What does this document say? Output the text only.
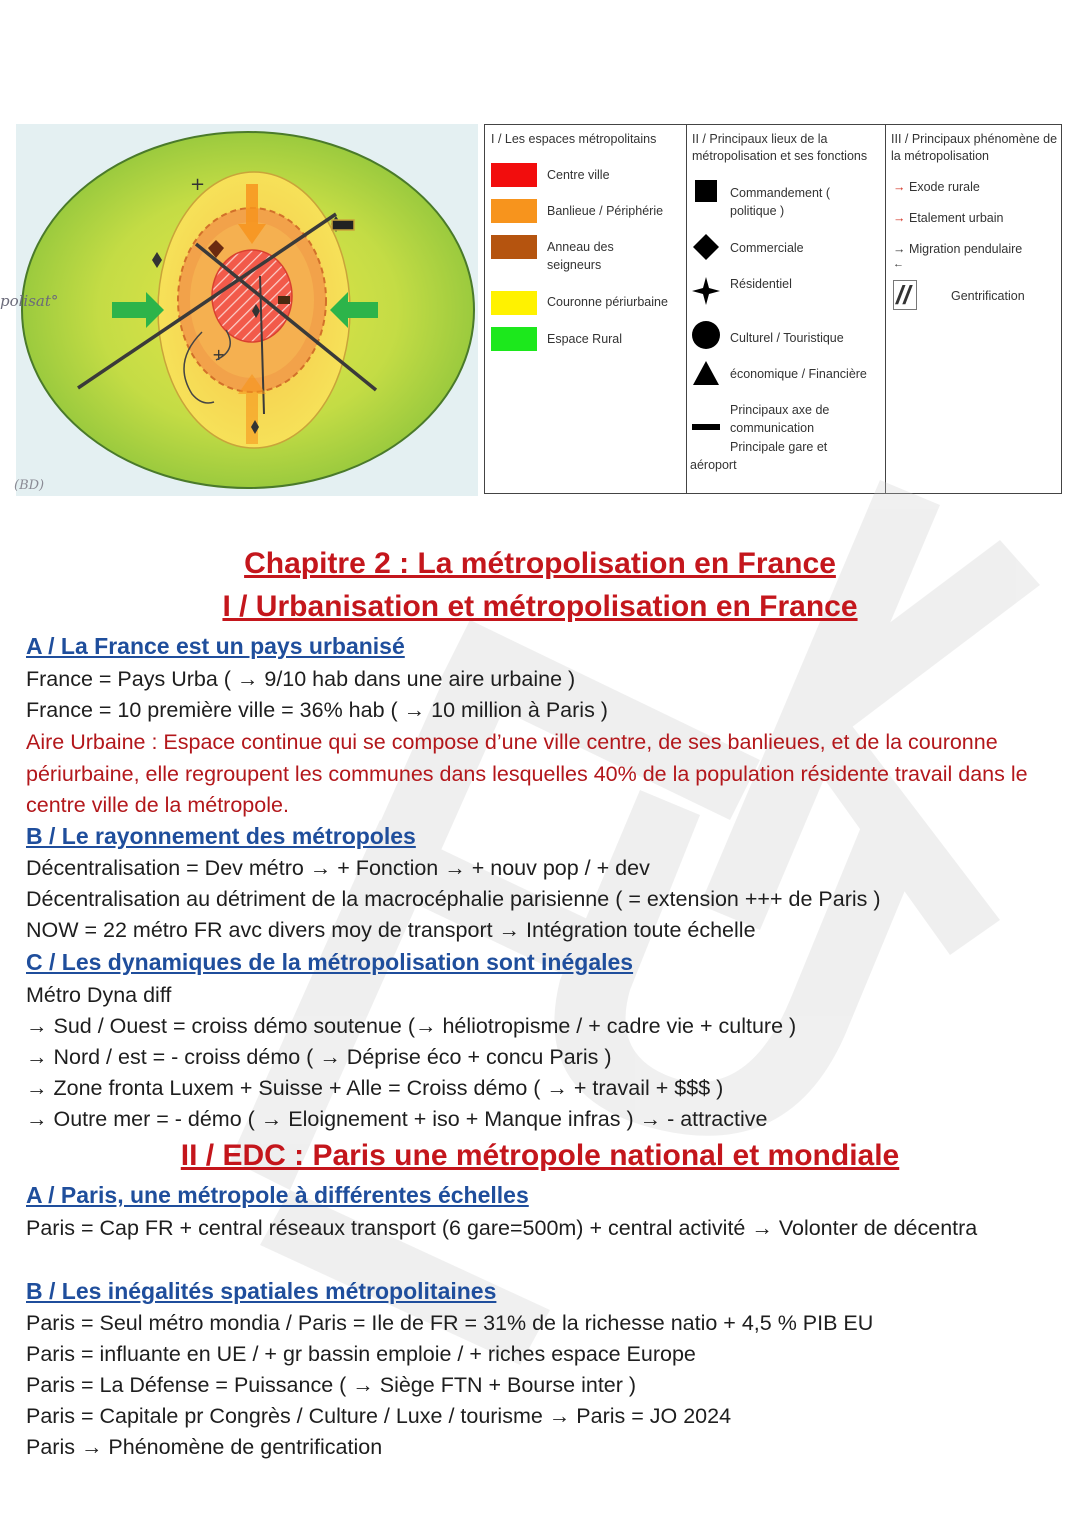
+
+
polisat°
(BD)
I / Les espaces métropolitains
Centre ville
Banlieue / Périphérie
Anneau des seigneurs
Couronne périurbaine
Espace Rural
II / Principaux lieux de la métropolisation et ses fonctions
Commandement ( politique )
Commerciale
Résidentiel
Culturel / Touristique
économique / Financière
Principaux axe de communication
Principale gare et
aéroport
III / Principaux phénomène de la métropolisation
→ Exode rurale
→ Etalement urbain
→ Migration pendulaire
←
//	Gentrification
Chapitre 2 : La métropolisation en France
I / Urbanisation et métropolisation en France
A / La France est un pays urbanisé
France = Pays Urba ( → 9/10 hab dans une aire urbaine )
France = 10 première ville = 36% hab ( → 10 million à Paris )
Aire Urbaine : Espace continue qui se compose d’une ville centre, de ses banlieues, et de la couronne périurbaine, elle regroupent les communes dans lesquelles 40% de la population résidente travail dans le centre ville de la métropole.
B / Le rayonnement des métropoles
Décentralisation = Dev métro → + Fonction → + nouv pop / + dev
Décentralisation au détriment de la macrocéphalie parisienne ( = extension +++ de Paris )
NOW = 22 métro FR avc divers moy de transport → Intégration toute échelle
C / Les dynamiques de la métropolisation sont inégales
Métro Dyna diff
→ Sud / Ouest = croiss démo soutenue (→ héliotropisme / + cadre vie + culture )
→ Nord / est = - croiss démo ( → Déprise éco + concu Paris )
→ Zone fronta Luxem + Suisse + Alle = Croiss démo ( → + travail + $$$ )
→ Outre mer = - démo ( → Eloignement + iso + Manque infras ) → - attractive
II / EDC : Paris une métropole national et mondiale
A / Paris, une métropole à différentes échelles
Paris = Cap FR + central réseaux transport (6 gare=500m) + central activité → Volonter de décentra
B / Les inégalités spatiales métropolitaines
Paris = Seul métro mondia / Paris = Ile de FR = 31% de la richesse natio + 4,5 % PIB EU
Paris = influante en UE / + gr bassin emploie / + riches espace Europe
Paris = La Défense = Puissance ( → Siège FTN + Bourse inter )
Paris = Capitale pr Congrès / Culture / Luxe / tourisme → Paris = JO 2024
Paris → Phénomène de gentrification
